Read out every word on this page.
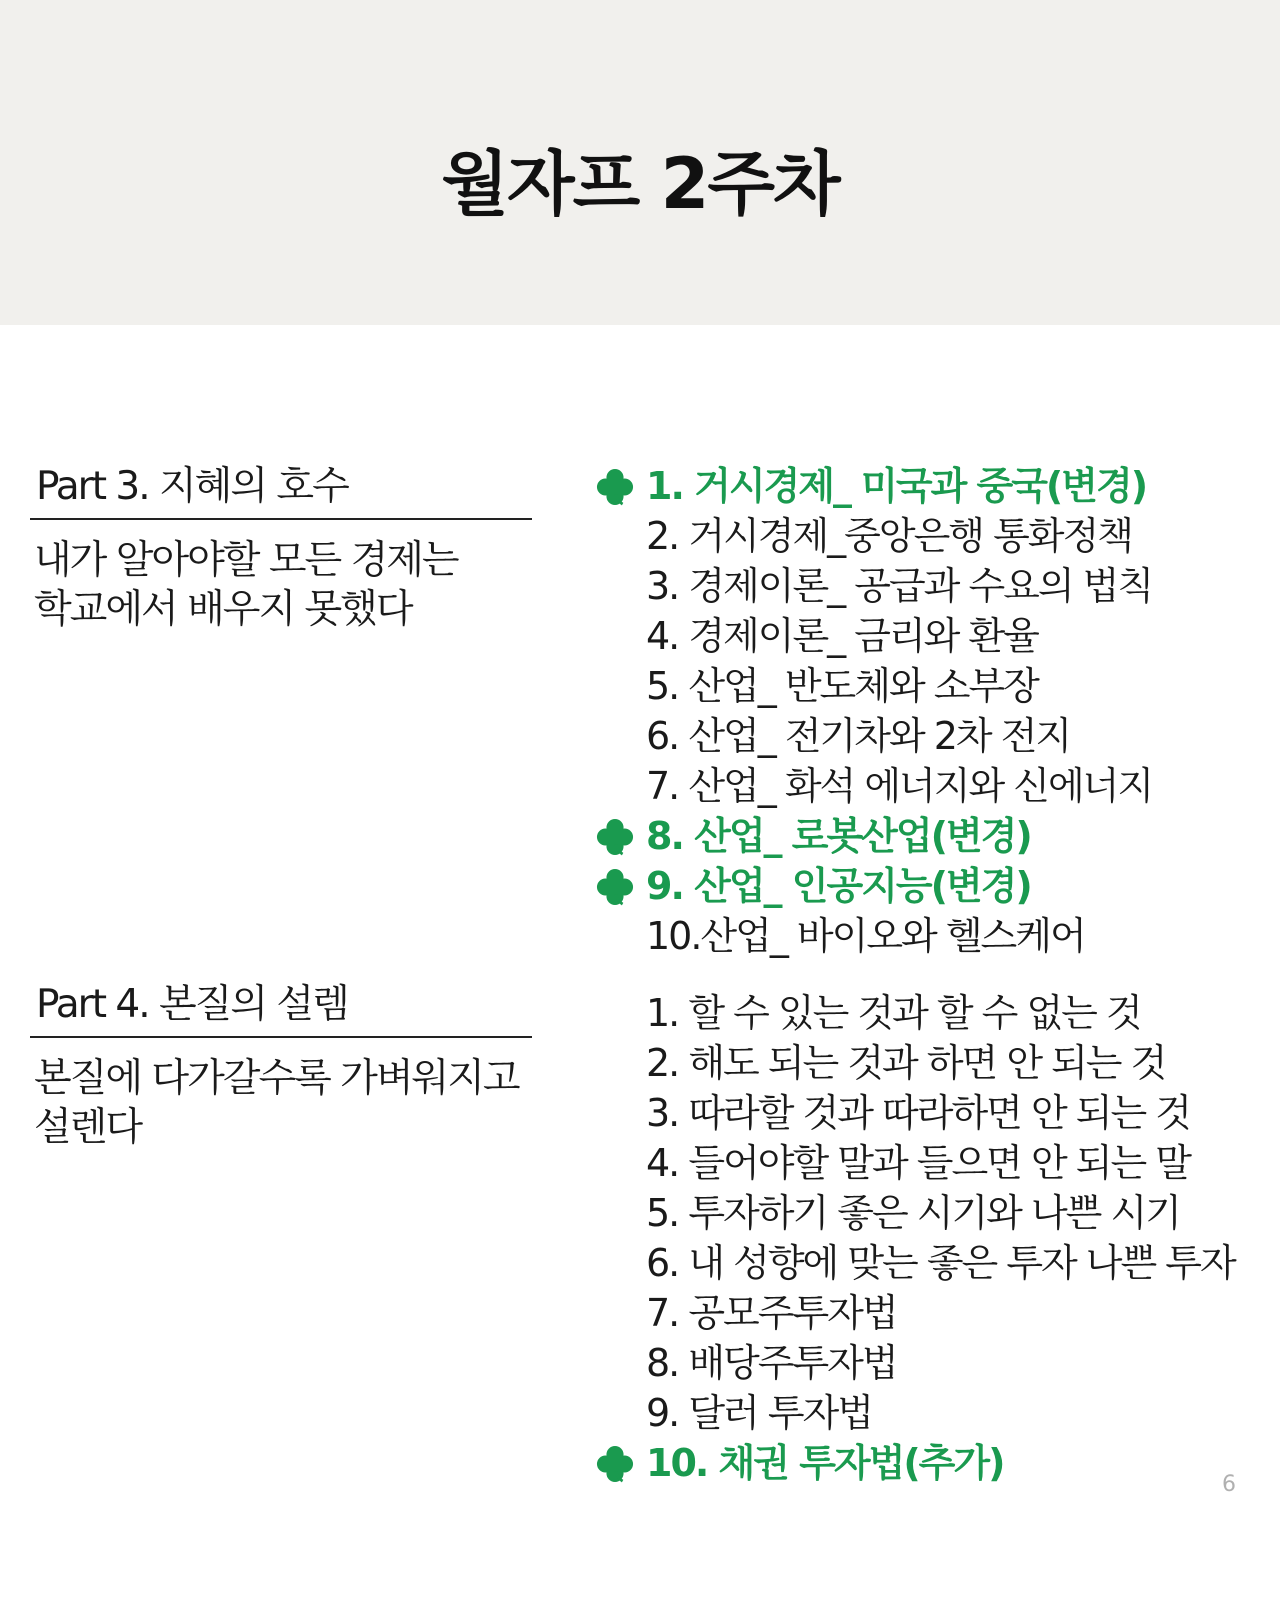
월자프 2주차
Part 3. 지혜의 호수
내가 알아야할 모든 경제는
학교에서 배우지 못했다
Part 4. 본질의 설렘
본질에 다가갈수록 가벼워지고
설렌다
1. 거시경제_ 미국과 중국(변경)
2. 거시경제_중앙은행 통화정책
3. 경제이론_ 공급과 수요의 법칙
4. 경제이론_ 금리와 환율
5. 산업_ 반도체와 소부장
6. 산업_ 전기차와 2차 전지
7. 산업_ 화석 에너지와 신에너지
8. 산업_ 로봇산업(변경)
9. 산업_ 인공지능(변경)
10.산업_ 바이오와 헬스케어
1. 할 수 있는 것과 할 수 없는 것
2. 해도 되는 것과 하면 안 되는 것
3. 따라할 것과 따라하면 안 되는 것
4. 들어야할 말과 들으면 안 되는 말
5. 투자하기 좋은 시기와 나쁜 시기
6. 내 성향에 맞는 좋은 투자 나쁜 투자
7. 공모주투자법
8. 배당주투자법
9. 달러 투자법
10. 채권 투자법(추가)	6
